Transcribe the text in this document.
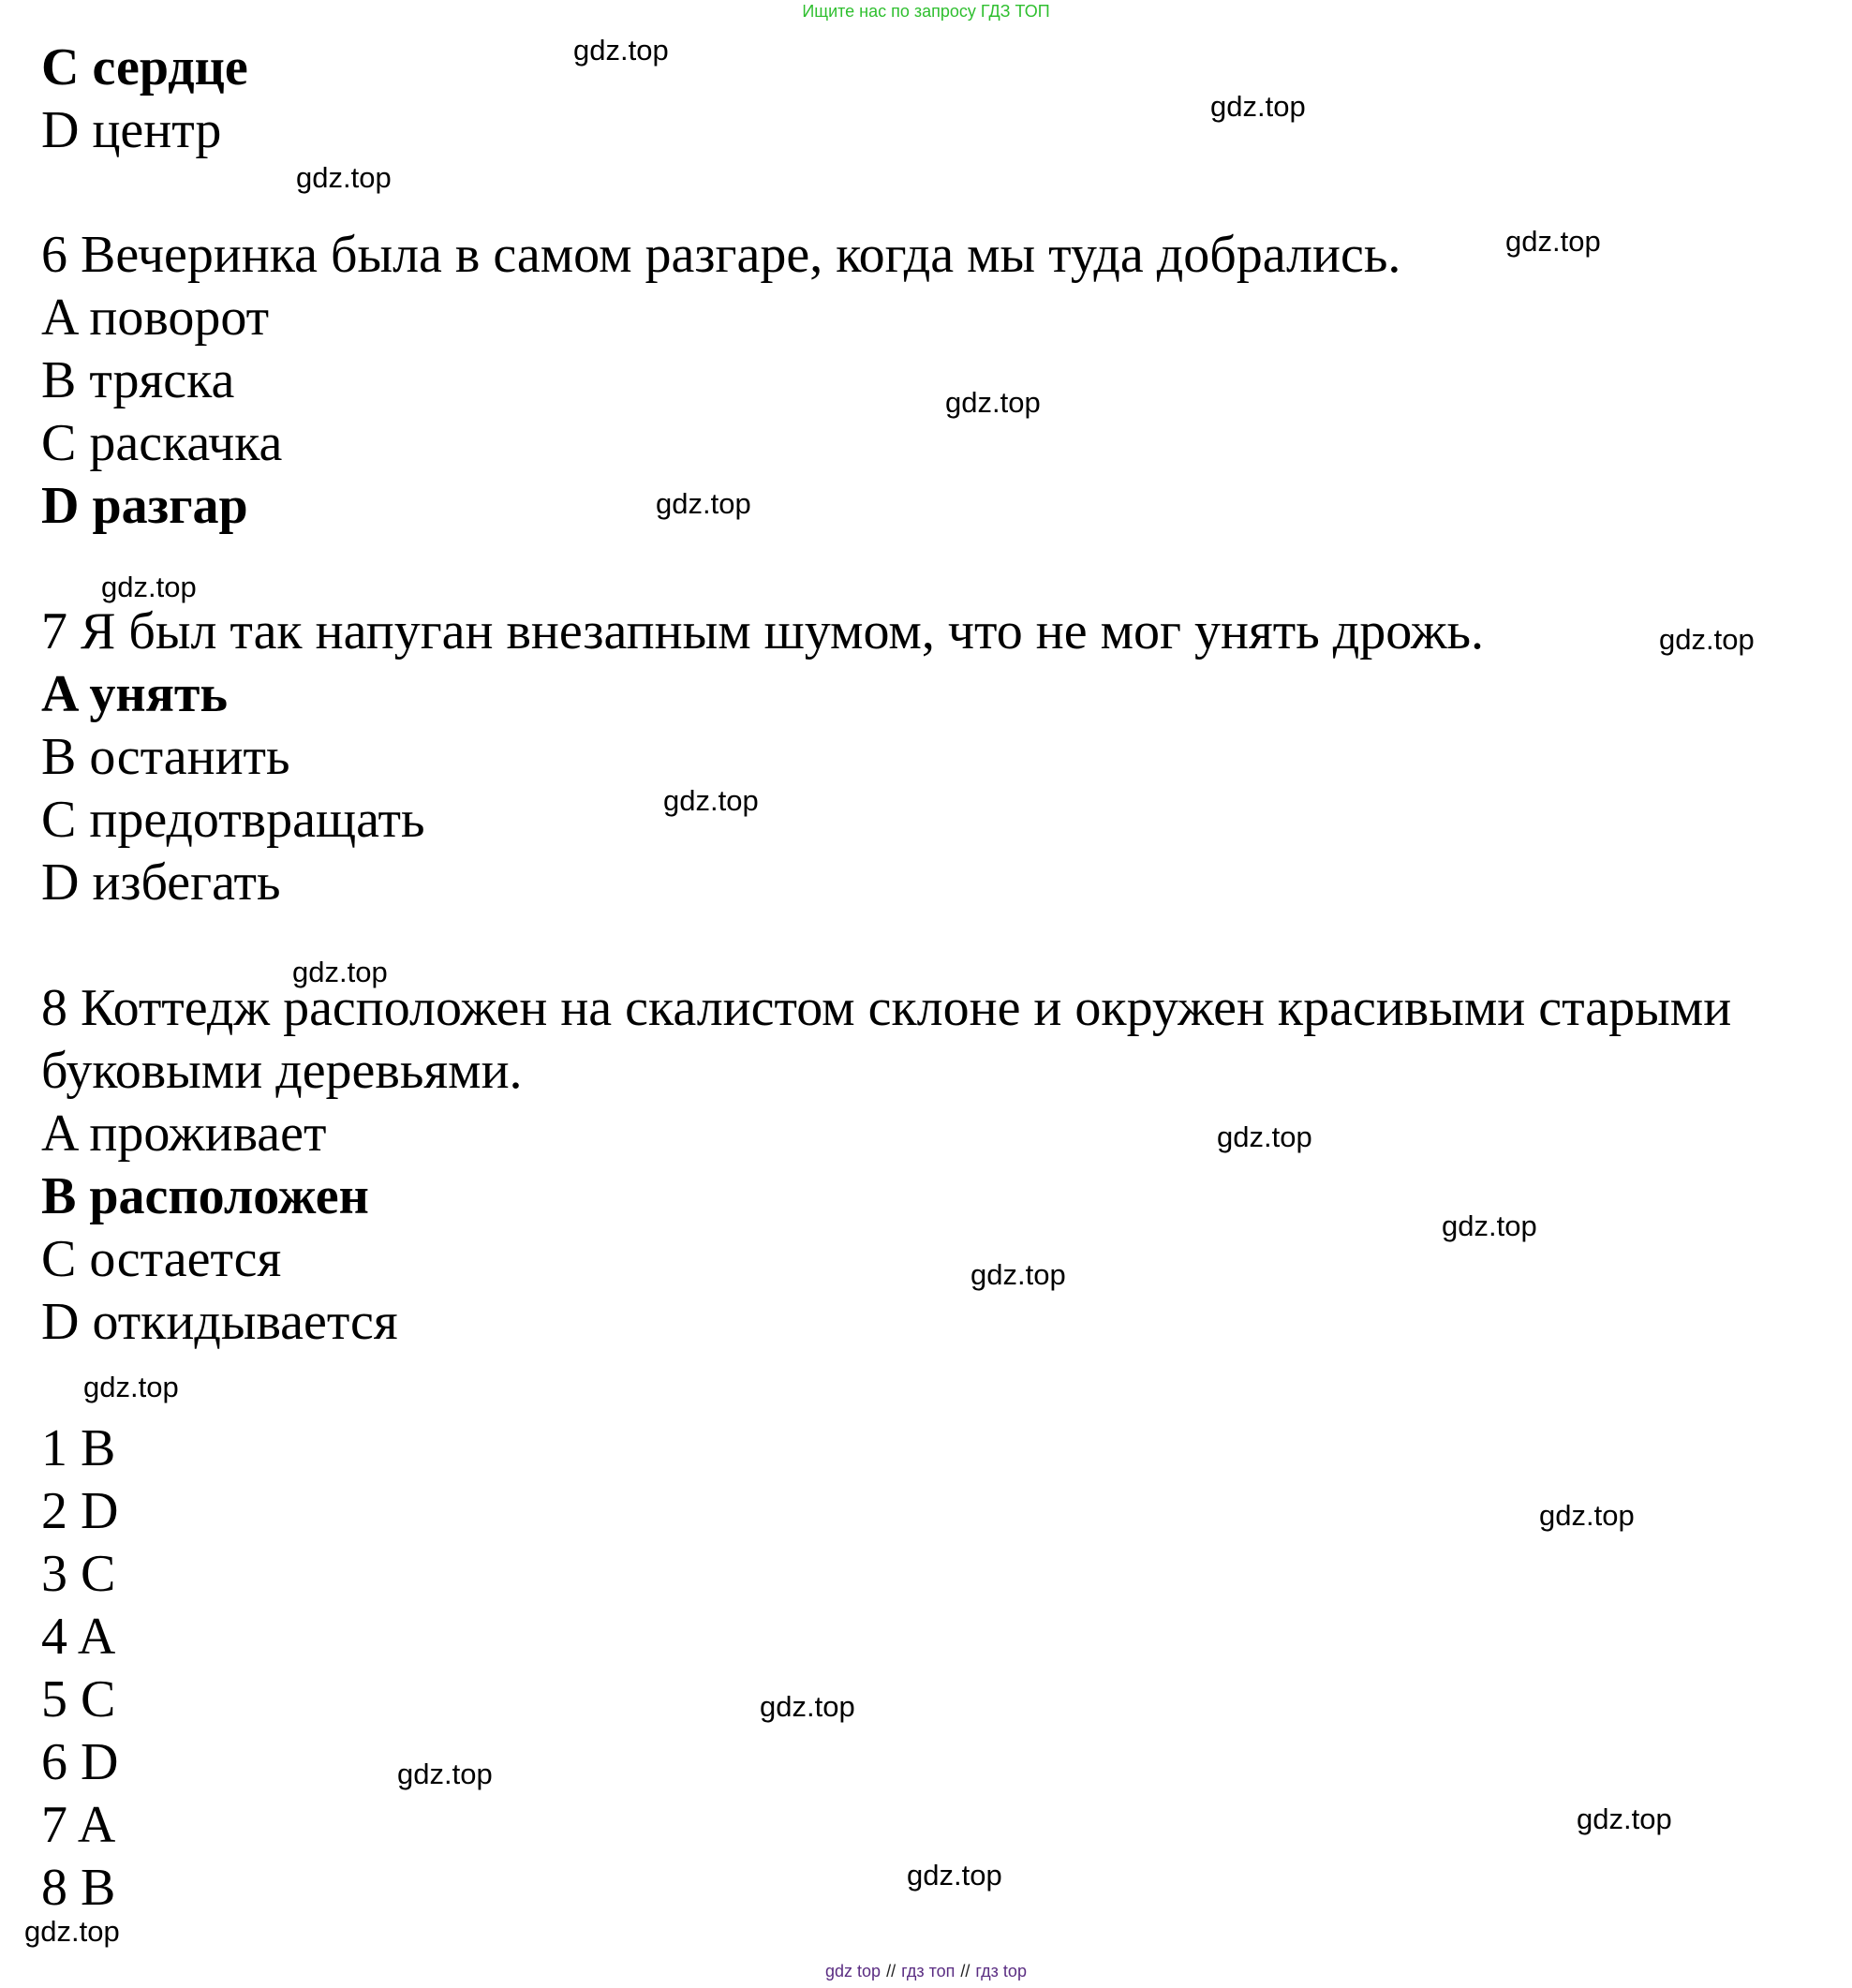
Ищите нас по запросу ГДЗ ТОП
C сердце
D центр
6 Вечеринка была в самом разгаре, когда мы туда добрались.
A поворот
B тряска
C раскачка
D разгар
7 Я был так напуган внезапным шумом, что не мог унять дрожь.
A унять
B останить
C предотвращать
D избегать
8 Коттедж расположен на скалистом склоне и окружен красивыми старыми
буковыми деревьями.
A проживает
B расположен
C остается
D откидывается
1 B
2 D
3 C
4 A
5 C
6 D
7 A
8 B
gdz.top
gdz.top
gdz.top
gdz.top
gdz.top
gdz.top
gdz.top
gdz.top
gdz.top
gdz.top
gdz.top
gdz.top
gdz.top
gdz.top
gdz.top
gdz.top
gdz.top
gdz.top
gdz.top
gdz.top
gdz top // гдз топ // гдз top
